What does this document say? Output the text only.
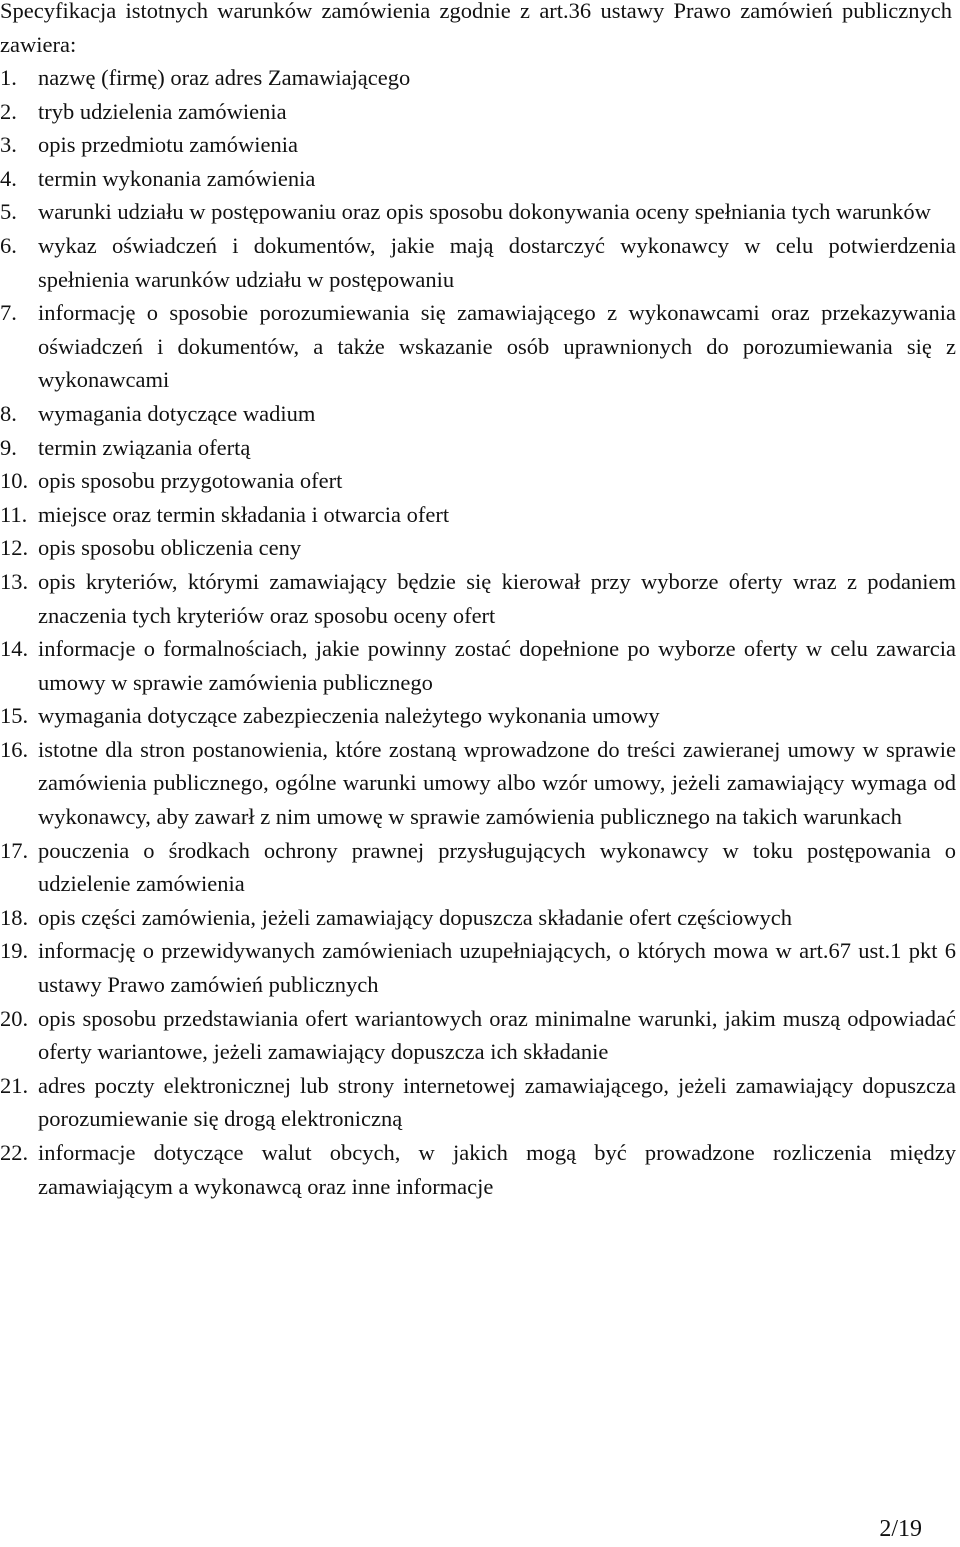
Specyfikacja istotnych warunków zamówienia zgodnie z art.36 ustawy Prawo zamówień publicznych zawiera:

1. nazwę (firmę) oraz adres Zamawiającego
2. tryb udzielenia zamówienia
3. opis przedmiotu zamówienia
4. termin wykonania zamówienia
5. warunki udziału w postępowaniu oraz opis sposobu dokonywania oceny spełniania tych warunków
6. wykaz oświadczeń i dokumentów, jakie mają dostarczyć wykonawcy w celu potwierdzenia spełnienia warunków udziału w postępowaniu
7. informację o sposobie porozumiewania się zamawiającego z wykonawcami oraz przekazywania oświadczeń i dokumentów, a także wskazanie osób uprawnionych do porozumiewania się z wykonawcami
8. wymagania dotyczące wadium
9. termin związania ofertą
10. opis sposobu przygotowania ofert
11. miejsce oraz termin składania i otwarcia ofert
12. opis sposobu obliczenia ceny
13. opis kryteriów, którymi zamawiający będzie się kierował przy wyborze oferty wraz z podaniem znaczenia tych kryteriów oraz sposobu oceny ofert
14. informacje o formalnościach, jakie powinny zostać dopełnione po wyborze oferty w celu zawarcia umowy w sprawie zamówienia publicznego
15. wymagania dotyczące zabezpieczenia należytego wykonania umowy
16. istotne dla stron postanowienia, które zostaną wprowadzone do treści zawieranej umowy w sprawie zamówienia publicznego, ogólne warunki umowy albo wzór umowy, jeżeli zamawiający wymaga od wykonawcy, aby zawarł z nim umowę w sprawie zamówienia publicznego na takich warunkach
17. pouczenia o środkach ochrony prawnej przysługujących wykonawcy w toku postępowania o udzielenie zamówienia
18. opis części zamówienia, jeżeli zamawiający dopuszcza składanie ofert częściowych
19. informację o przewidywanych zamówieniach uzupełniających, o których mowa w art.67 ust.1 pkt 6 ustawy Prawo zamówień publicznych
20. opis sposobu przedstawiania ofert wariantowych oraz minimalne warunki, jakim muszą odpowiadać oferty wariantowe, jeżeli zamawiający dopuszcza ich składanie
21. adres poczty elektronicznej lub strony internetowej zamawiającego, jeżeli zamawiający dopuszcza porozumiewanie się drogą elektroniczną
22. informacje dotyczące walut obcych, w jakich mogą być prowadzone rozliczenia między zamawiającym a wykonawcą oraz inne informacje
2/19
